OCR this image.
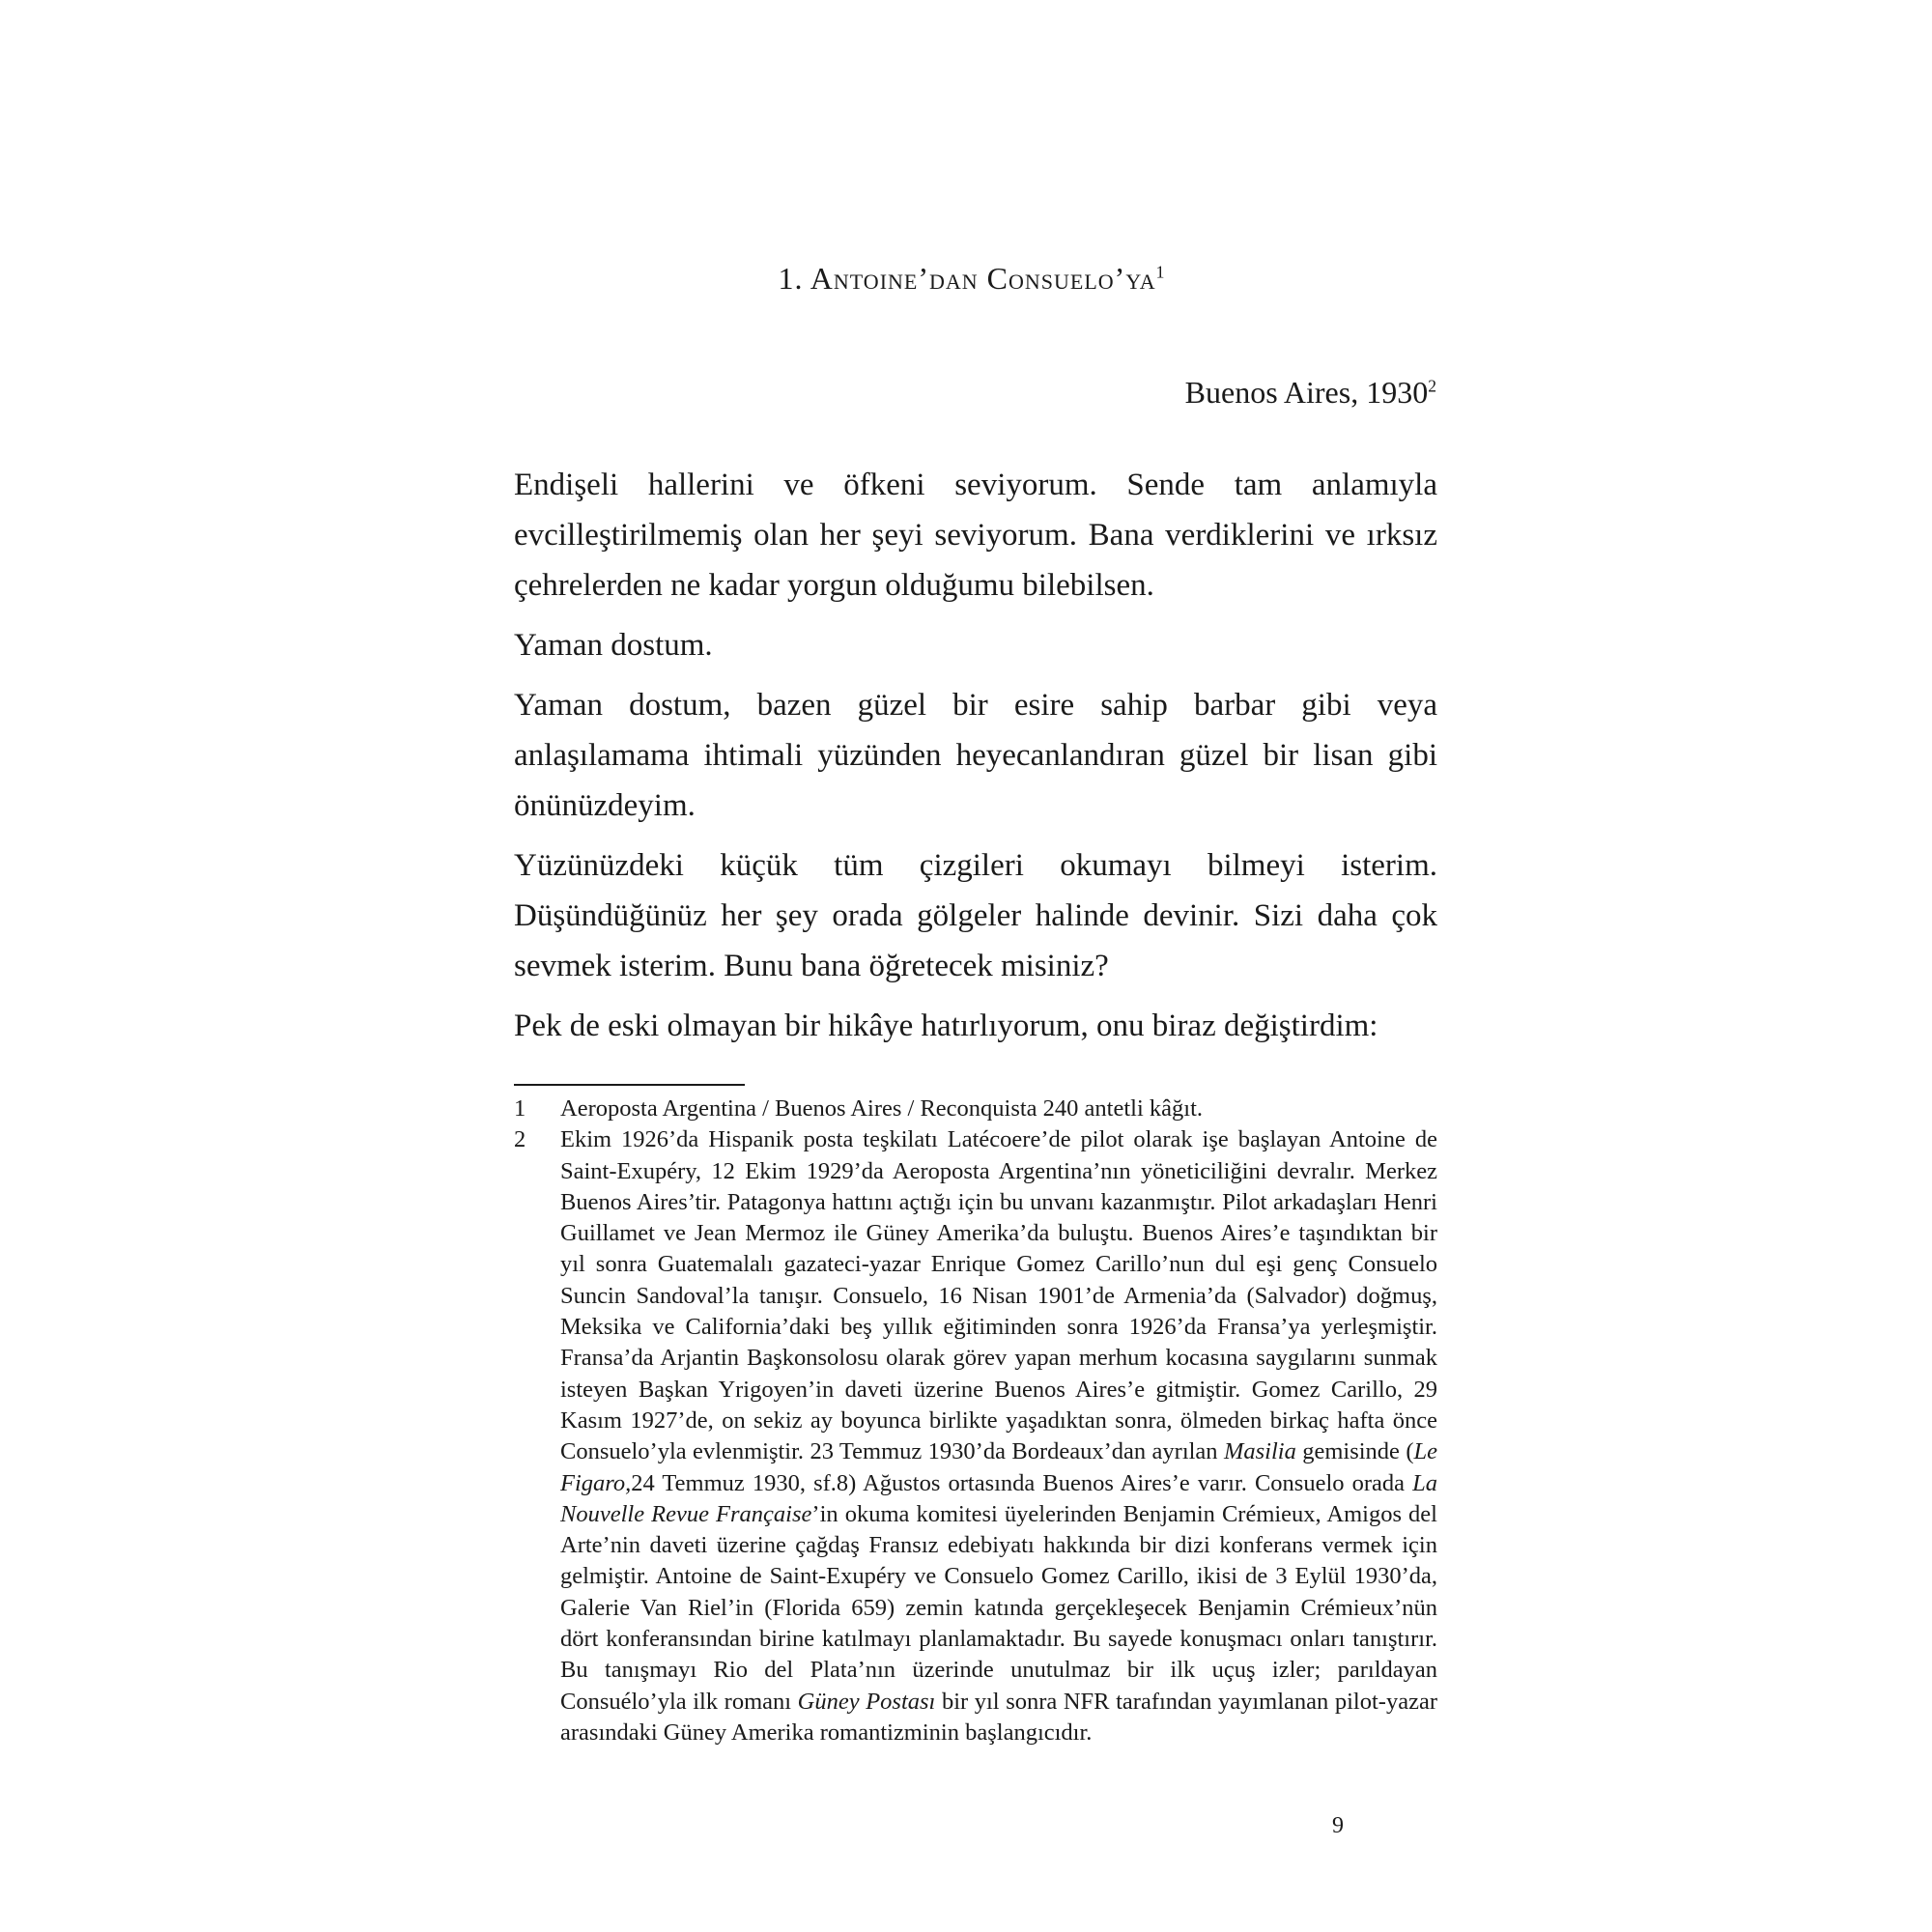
1. Antoine’dan $Consuelo’ya^1$
Buenos Aires, 1930$^2$

Endişeli hallerini ve öfkeni seviyorum. Sende tam anlamıyla evcilleştirilmemiş olan her şeyi seviyorum. Bana verdiklerini ve ırksız çehrelerden ne kadar yorgun olduğumu bilebilsen.

Yaman dostum.

Yaman dostum, bazen güzel bir esire sahip barbar gibi veya anlaşılamama ihtimali yüzünden heyecanlandıran güzel bir lisan gibi önünüzdeyim.

Yüzünüzdeki küçük tüm çizgileri okumayı bilmeyi isterim. Düşündüğünüz her şey orada gölgeler halinde devinir. Sizi daha çok sevmek isterim. Bunu bana öğretecek misiniz?

Pek de eski olmayan bir hikâye hatırlıyorum, onu biraz değiştirdim:

1	Aeroposta Argentina / Buenos Aires / Reconquista 240 antetli kâğıt.
2	Ekim 1926’da Hispanik posta teşkilatı Latécoere’de pilot olarak işe başlayan Antoine de Saint-Exupéry, 12 Ekim 1929’da Aeroposta Argentina’nın yöneticiliğini devralır. Merkez Buenos Aires’tir. Patagonya hattını açtığı için bu unvanı kazanmıştır. Pilot arkadaşları Henri Guillamet ve Jean Mermoz ile Güney Amerika’da buluştu. Buenos Aires’e taşındıktan bir yıl sonra Guatemalalı gazateci-yazar Enrique Gomez Carillo’nun dul eşi genç Consuelo Suncin Sandoval’la tanışır. Consuelo, 16 Nisan 1901’de Armenia’da (Salvador) doğmuş, Meksika ve California’daki beş yıllık eğitiminden sonra 1926’da Fransa’ya yerleşmiştir. Fransa’da Arjantin Başkonsolosu olarak görev yapan merhum kocasına saygılarını sunmak isteyen Başkan Yrigoyen’in daveti üzerine Buenos Aires’e gitmiştir. Gomez Carillo, 29 Kasım 1927’de, on sekiz ay boyunca birlikte yaşadıktan sonra, ölmeden birkaç hafta önce Consuelo’yla evlenmiştir. 23 Temmuz 1930’da Bordeaux’dan ayrılan Masilia gemisinde (Le Figaro,24 Temmuz 1930, sf.8) Ağustos ortasında Buenos Aires’e varır. Consuelo orada La Nouvelle Revue Française’in okuma komitesi üyelerinden Benjamin Crémieux, Amigos del Arte’nin daveti üzerine çağdaş Fransız edebiyatı hakkında bir dizi konferans vermek için gelmiştir. Antoine de Saint-Exupéry ve Consuelo Gomez Carillo, ikisi de 3 Eylül 1930’da, Galerie Van Riel’in (Florida 659) zemin katında gerçekleşecek Benjamin Crémieux’nün dört konferansından birine katılmayı planlamaktadır. Bu sayede konuşmacı onları tanıştırır. Bu tanışmayı Rio del Plata’nın üzerinde unutulmaz bir ilk uçuş izler; parıldayan Consuélo’yla ilk romanı Güney Postası bir yıl sonra NFR tarafından yayımlanan pilot-yazar arasındaki Güney Amerika romantizminin başlangıcıdır.
9
